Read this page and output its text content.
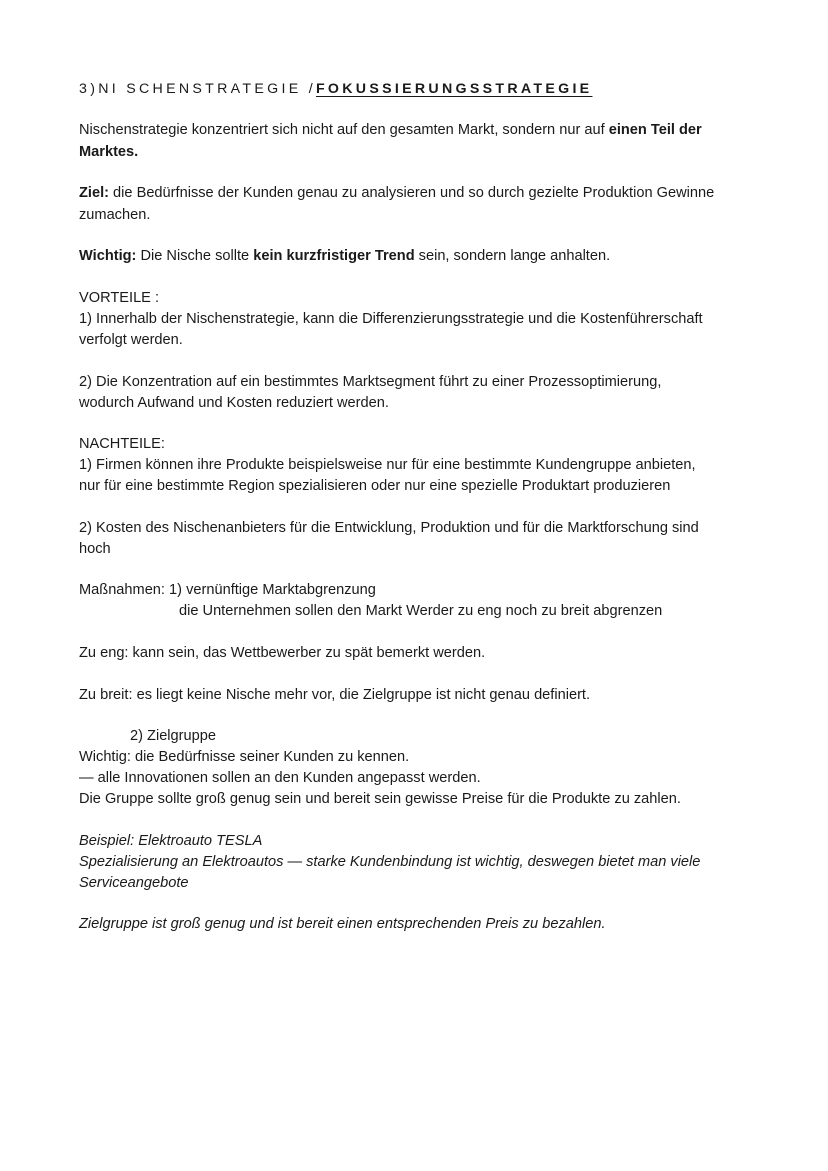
3)NI SCHENSTRATEGIE /FOKUSSIERUNGSSTRATEGIE
Nischenstrategie konzentriert sich nicht auf den gesamten Markt, sondern nur auf einen Teil der
Marktes.
Ziel: die Bedürfnisse der Kunden genau zu analysieren und so durch gezielte Produktion Gewinne
zumachen.
Wichtig: Die Nische sollte kein kurzfristiger Trend sein, sondern lange anhalten.
VORTEILE :
1) Innerhalb der Nischenstrategie, kann die Differenzierungsstrategie und die Kostenführerschaft
verfolgt werden.
2) Die Konzentration auf ein bestimmtes Marktsegment führt zu einer Prozessoptimierung,
wodurch Aufwand und Kosten reduziert werden.
NACHTEILE:
1) Firmen können ihre Produkte beispielsweise nur für eine bestimmte Kundengruppe anbieten,
nur für eine bestimmte Region spezialisieren oder nur eine spezielle Produktart produzieren
2) Kosten des Nischenanbieters für die Entwicklung, Produktion und für die Marktforschung sind
hoch
Maßnahmen: 1) vernünftige Marktabgrenzung
die Unternehmen sollen den Markt Werder zu eng noch zu breit abgrenzen
Zu eng: kann sein, das Wettbewerber zu spät bemerkt werden.
Zu breit: es liegt keine Nische mehr vor, die Zielgruppe ist nicht genau definiert.
2) Zielgruppe
Wichtig: die Bedürfnisse seiner Kunden zu kennen.
— alle Innovationen sollen an den Kunden angepasst werden.
Die Gruppe sollte groß genug sein und bereit sein gewisse Preise für die Produkte zu zahlen.
Beispiel: Elektroauto TESLA
Spezialisierung an Elektroautos — starke Kundenbindung ist wichtig, deswegen bietet man viele
Serviceangebote
Zielgruppe ist groß genug und ist bereit einen entsprechenden Preis zu bezahlen.
